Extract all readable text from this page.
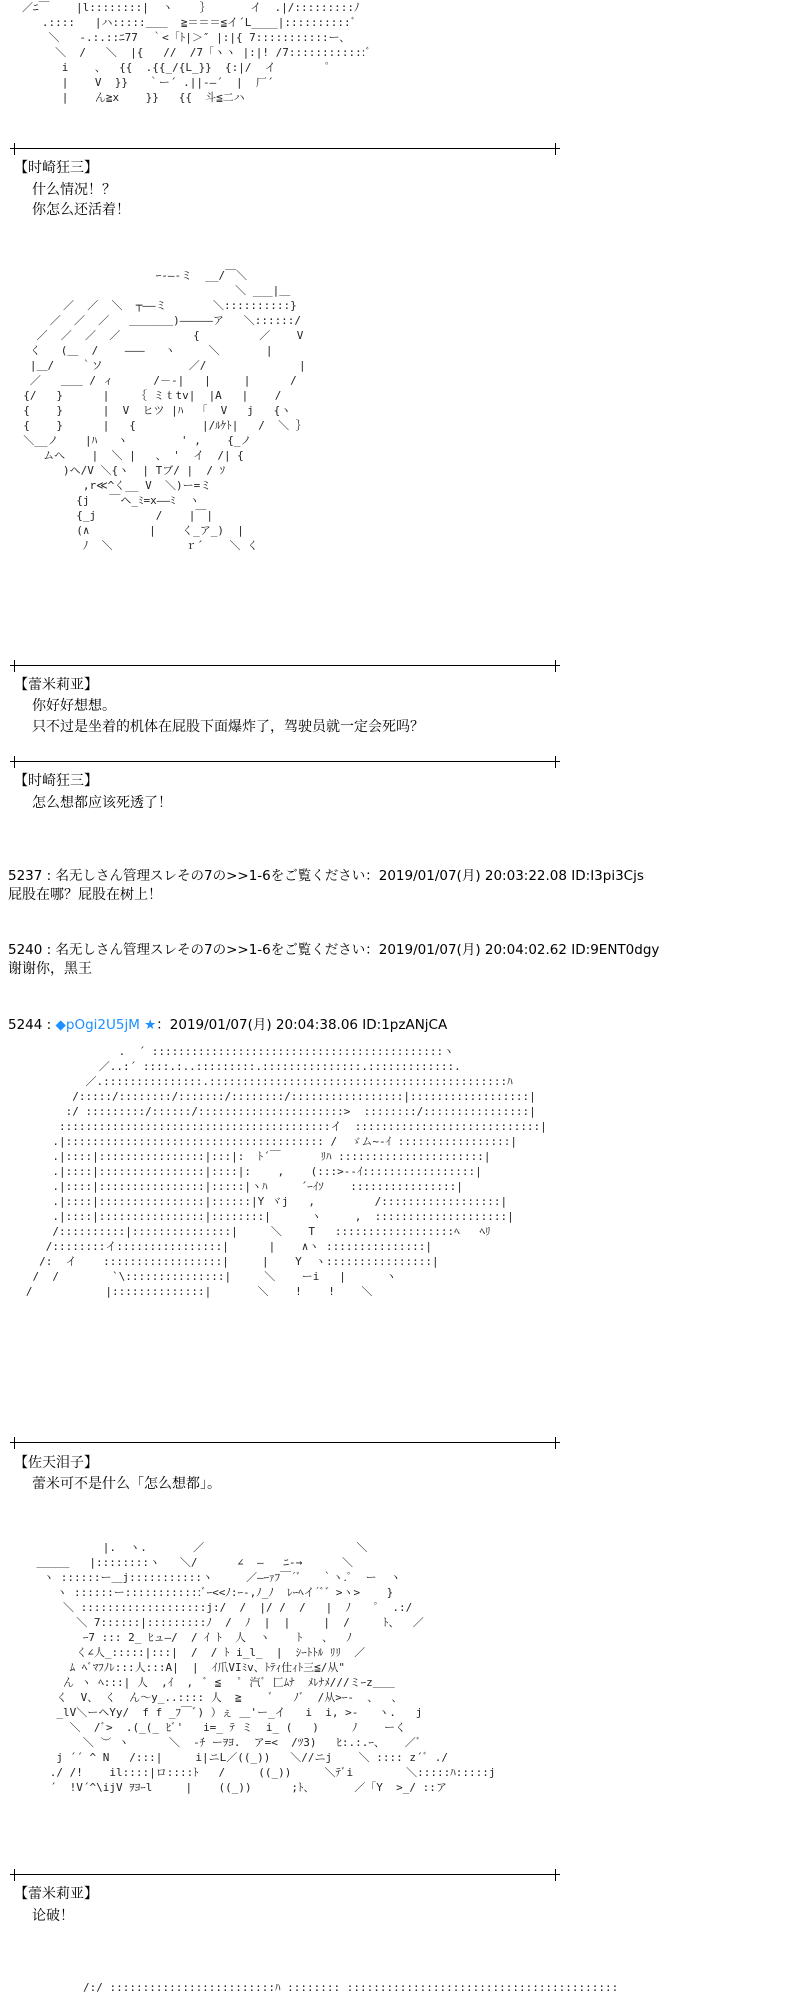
／ﾆ￣    |l::::::::|  ヽ    ｝      イ  .|/:::::::::ﾉ
.::::   |ハ:::::＿＿  ≧＝＝＝≦イ´L____|::::::::::ﾞ
＼   -.:.::ﾆ77  ｀<「ﾄ|＞″ |:|{ 7:::::::::::ー、
＼  /   ＼  |{   //  /7「ヽヽ |:|! /7::::::::::::ﾞ
i    、  {{  .{{_/{L_}}  {:|/  イ        ﾟ
|    V  }}   ｀ー´ .||-―´  |  厂´
|    ん≧x    }}   {{  斗≦二ハ
【时崎狂三】
什么情况！？
你怎么还活着！
ｰ‐―‐ミ  __/￣＼
＼ ___|＿
／  ／  ＼  ┬――ミ       ＼::::::::::}
／  ／  ／   ＿＿＿＿)―――――ア   ＼::::::/
／  ／  ／  ／           {         ／    V
く   (＿  /    ―――   ヽ     ＼       |
|＿/    ｀ソ             ／/              |
／   ＿＿ / ィ      /－-|   |     |      /
{/   }      |    ｛ ミｔtv|  |A   |    /
{    }      |  V  ヒツ |ﾊ  「  V   j   {ヽ
{    }      |   {          |/ﾙｹﾄ|   /  ＼ ｝
＼__ノ    |ﾊ   ヽ        ' ,    {_ノ
ムへ    |  ＼ |   、 '  イ  /| {
)ヘ/V ＼{ヽ  | Tブ/ |  / ｿ
,r≪^く__ V  ＼)ー=ミ
{j   ￣ヘ_ﾐ=x――ﾐ  ヽ
{_j         /    |￣|
(∧         |    く_ア_)  |
ﾉ  ＼           ｒ´    ＼ く
【蕾米莉亚】
你好好想想。
只不过是坐着的机体在屁股下面爆炸了，驾驶员就一定会死吗？
【时崎狂三】
怎么想都应该死透了！
5237 : 名无しさん管理スレその7の>>1-6をご覧ください：2019/01/07(月) 20:03:22.08 ID:I3pi3Cjs
屁股在哪？屁股在树上！
5240 : 名无しさん管理スレその7の>>1-6をご覧ください：2019/01/07(月) 20:04:02.62 ID:9ENT0dgy
谢谢你，黑王
5244 : ◆pOgi2U5jM ★：2019/01/07(月) 20:04:38.06 ID:1pzANjCA
.  ´ ::::::::::::::::::::::::::::::::::::::::::::ヽ
／..:´ ::::.:..:::::::::.:::::::::::::::.:::::::::::::.
／.:::::::::::::::.:::::::::::::::::::::::::::::::::::::::::::::ﾊ
/:::::/::::::::/:::::::/::::::::/:::::::::::::::::|::::::::::::::::::|
:/ :::::::::/::::::/::::::::::::::::::::::>  ::::::::/::::::::::::::::|
:::::::::::::::::::::::::::::::::::::::::イ  ::::::::::::::::::::::::::::|
.|::::::::::::::::::::::::::::::::::::::: /  ゞム~-ｲ :::::::::::::::::|
.|::::|::::::::::::::::|:::|:  ﾄ´￣      ﾘﾊ ::::::::::::::::::::::|
.|::::|::::::::::::::::|::::|:    ,    (:::>--ｲ:::::::::::::::::|
.|::::|::::::::::::::::|:::::|ヽﾊ     ´ｰｲｿ    ::::::::::::::::|
.|::::|::::::::::::::::|::::::|Y ヾj   ,         /::::::::::::::::::|
.|::::|::::::::::::::::|::::::::|      ヽ     ,  ::::::::::::::::::::|
/::::::::::|:::::::::::::::|     ＼    T   ::::::::::::::::::ﾍ   ﾍﾘ
/::::::::イ::::::::::::::::|      |    ∧ヽ :::::::::::::::|
/:  イ    ::::::::::::::::::|     |    Y  ヽ::::::::::::::::|
/  /        `\:::::::::::::::|     ＼    ーi   |      ヽ
/           |::::::::::::::|       ＼    !    !    ＼
【佐天泪子】
蕾米可不是什么「怎么想都」。
|.  ヽ.       ／                       ＼
＿＿＿   |::::::::ヽ   ＼/      ∠  ―   ﾆ‐→      ＼
ヽ ::::::ー＿j:::::::::::ヽ     ／―ｰｧﾌ￣´ﾞ   ｀ヽ.ﾟ  ー  ヽ
ヽ ::::::ー::::::::::::ﾞｰ<<ﾉ:ｰ-,ﾉ_ﾉ  ﾚｰﾍイ´ﾞ゛>ヽ>    }
＼ :::::::::::::::::::j:/  /  |/ /  /   |  ﾉ    ﾟ  .:/
＼ 7::::::|:::::::::ﾉ  /  ﾉ  |  |     |  /     ﾄ、  ／
ｰ7 ::: 2_ ﾋュ―/  / ｲ ﾄ  人  ヽ    ﾄ   、  ﾉ
く∠人_:::::|:::|  /  / ﾄ i_l_  |  ｼｰﾄﾄﾙ ﾘﾘ  ／
ﾑ ﾍﾞﾏﾌﾉﾚ:::人:::A|  |  ｲ爪VIﾐv、ﾄﾃｨ仕ｨﾄ三≦/从"
ん ヽ ﾍ:::| 人  ,ｲ  ,  ﾞ ≦   ﾟ 汽ﾞ 匚ﾑﾅ  ﾒﾚﾅﾒ///ミｰz＿＿
く  V、 く  ん〜y_..:::: 人  ≧    ﾞ   ﾉﾞ  /从>ｰ-  、  、
_lV＼ーヘYy/  f f _ﾌ￣ﾞ) ）ぇ ＿'ー_イ   i  i, >-   ヽ.   j
＼  /ﾞ>  .(_(_ ﾋﾞ'   i=_ ﾃ ミ  i_ (   )     ﾉ    ーく
＼ ︶ ヽ      ＼  ‐ﾁ ーｦﾖ.  ア=<  /ﾂ3)   ﾋ:.:.ｰ、   ／ﾞ
j ´´ ^ N   /:::|     i|ニL／((_))   ＼//ニj    ＼ :::: z´ﾞ ./
./ /!    il::::|ロ::::ﾄ   /     ((_))     ＼ﾃﾞi        ＼:::::ﾊ:::::j
´  !V´^\ijV ｦﾖｰl     |    ((_))      ;ﾄ、      ／「Y  >_/ ::ア
【蕾米莉亚】
论破！
/:/ :::::::::::::::::::::::::ﾊ :::::::: :::::::::::::::::::::::::::::::::::::::::
